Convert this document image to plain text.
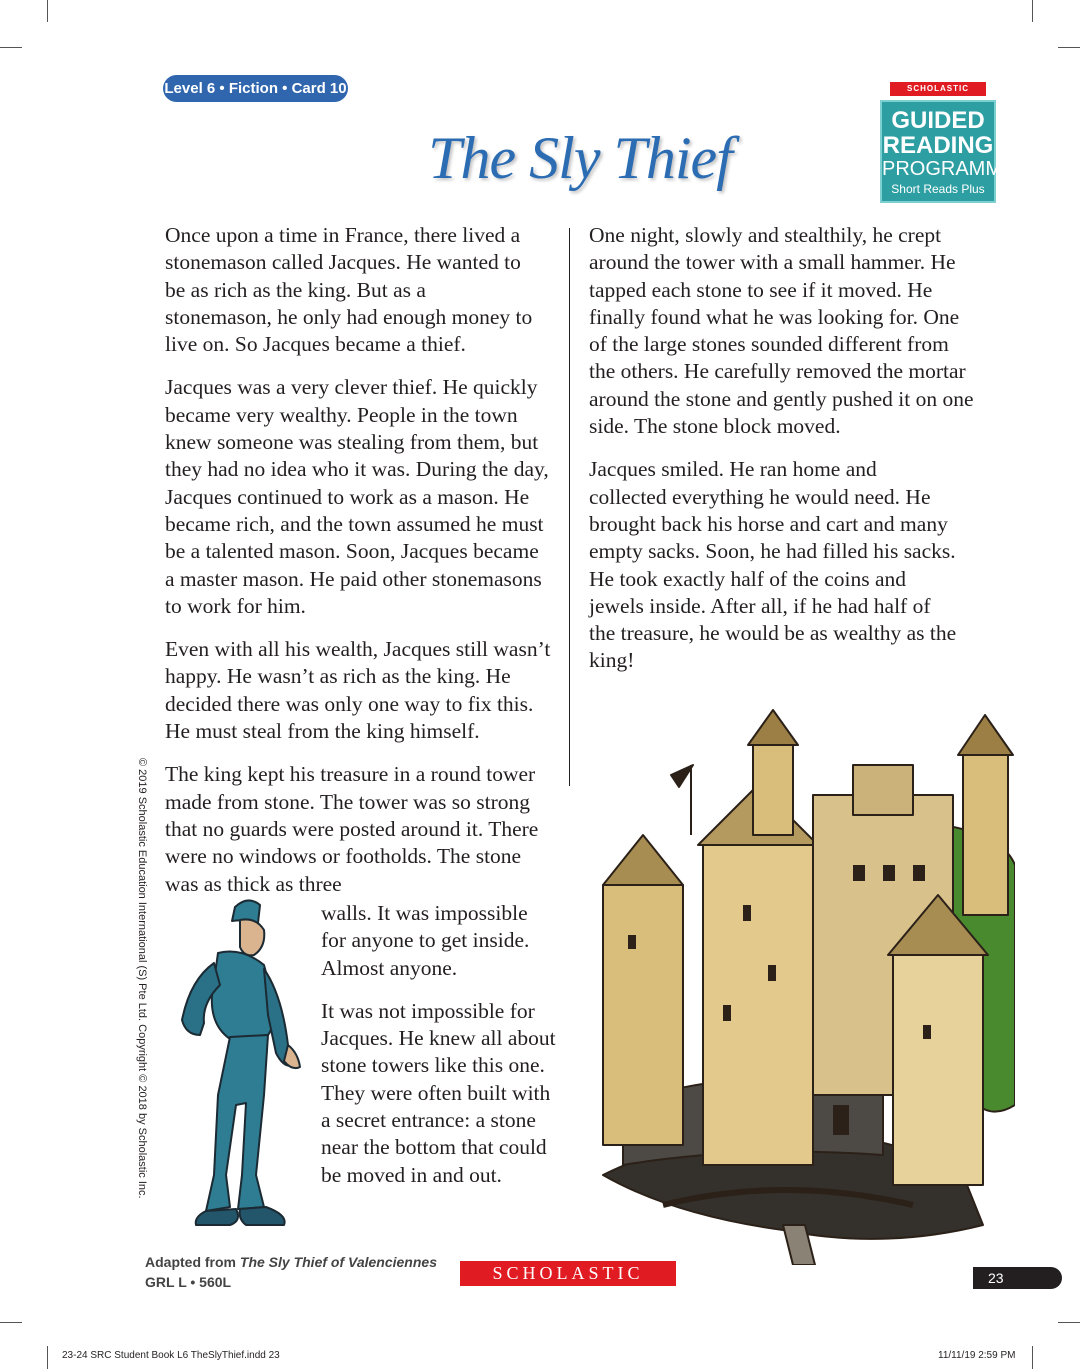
Level 6 • Fiction • Card 10
The Sly Thief
SCHOLASTIC
GUIDED
READING
PROGRAMME
Short Reads Plus

Once upon a time in France, there lived a stonemason called Jacques. He wanted to be as rich as the king. But as a stonemason, he only had enough money to live on. So Jacques became a thief.

Jacques was a very clever thief. He quickly became very wealthy. People in the town knew someone was stealing from them, but they had no idea who it was. During the day, Jacques continued to work as a mason. He became rich, and the town assumed he must be a talented mason. Soon, Jacques became a master mason. He paid other stonemasons to work for him.

Even with all his wealth, Jacques still wasn’t happy. He wasn’t as rich as the king. He decided there was only one way to fix this. He must steal from the king himself.

The king kept his treasure in a round tower made from stone. The tower was so strong that no guards were posted around it. There were no windows or footholds. The stone was as thick as three

walls. It was impossible for anyone to get inside. Almost anyone.

It was not impossible for Jacques. He knew all about stone towers like this one. They were often built with a secret entrance: a stone near the bottom that could be moved in and out.

One night, slowly and stealthily, he crept around the tower with a small hammer. He tapped each stone to see if it moved. He finally found what he was looking for. One of the large stones sounded different from the others. He carefully removed the mortar around the stone and gently pushed it on one side. The stone block moved.

Jacques smiled. He ran home and collected everything he would need. He brought back his horse and cart and many empty sacks. Soon, he had filled his sacks. He took exactly half of the coins and jewels inside. After all, if he had half of the treasure, he would be as wealthy as the king!

© 2019 Scholastic Education International (S) Pte Ltd. Copyright © 2018 by Scholastic Inc.
Adapted from The Sly Thief of Valenciennes
GRL L • 560L	SCHOLASTIC	23
23-24 SRC Student Book L6 TheSlyThief.indd 23	11/11/19 2:59 PM
